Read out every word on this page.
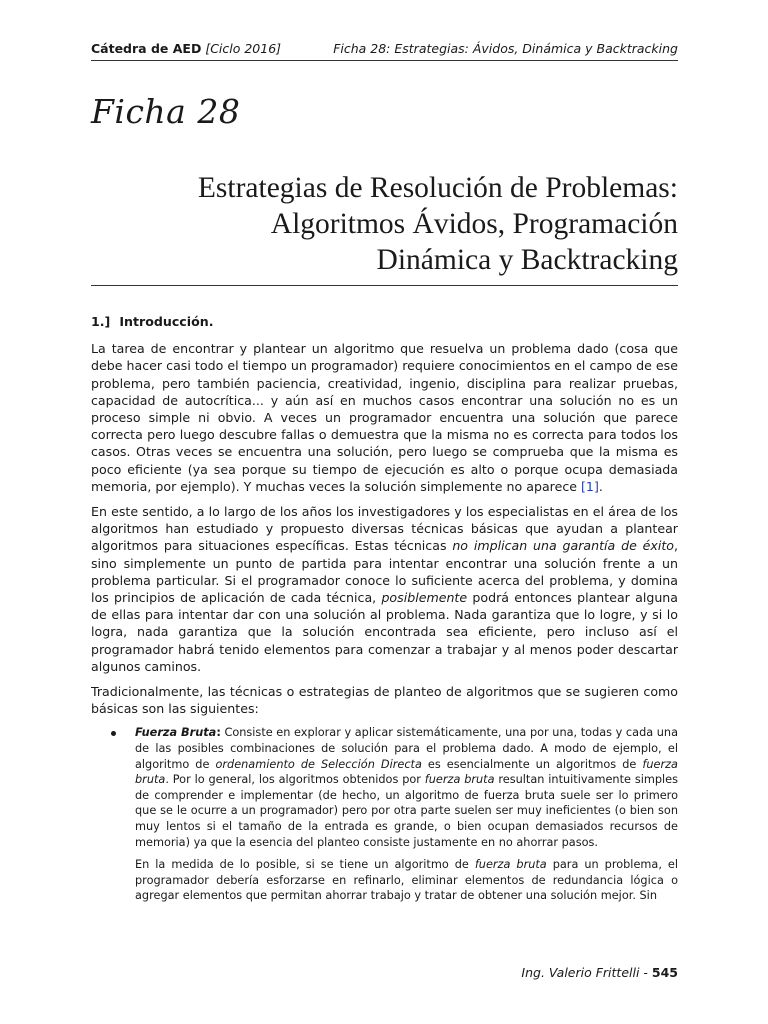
Cátedra de AED [Ciclo 2016]	Ficha 28: Estrategias: Ávidos, Dinámica y Backtracking
Ficha 28
Estrategias de Resolución de Problemas:
Algoritmos Ávidos, Programación
Dinámica y Backtracking
1.] Introducción.

La tarea de encontrar y plantear un algoritmo que resuelva un problema dado (cosa que debe hacer casi todo el tiempo un programador) requiere conocimientos en el campo de ese problema, pero también paciencia, creatividad, ingenio, disciplina para realizar pruebas, capacidad de autocrítica... y aún así en muchos casos encontrar una solución no es un proceso simple ni obvio. A veces un programador encuentra una solución que parece correcta pero luego descubre fallas o demuestra que la misma no es correcta para todos los casos. Otras veces se encuentra una solución, pero luego se comprueba que la misma es poco eficiente (ya sea porque su tiempo de ejecución es alto o porque ocupa demasiada memoria, por ejemplo). Y muchas veces la solución simplemente no aparece [1].

En este sentido, a lo largo de los años los investigadores y los especialistas en el área de los algoritmos han estudiado y propuesto diversas técnicas básicas que ayudan a plantear algoritmos para situaciones específicas. Estas técnicas no implican una garantía de éxito, sino simplemente un punto de partida para intentar encontrar una solución frente a un problema particular. Si el programador conoce lo suficiente acerca del problema, y domina los principios de aplicación de cada técnica, posiblemente podrá entonces plantear alguna de ellas para intentar dar con una solución al problema. Nada garantiza que lo logre, y si lo logra, nada garantiza que la solución encontrada sea eficiente, pero incluso así el programador habrá tenido elementos para comenzar a trabajar y al menos poder descartar algunos caminos.

Tradicionalmente, las técnicas o estrategias de planteo de algoritmos que se sugieren como básicas son las siguientes:

Fuerza Bruta: Consiste en explorar y aplicar sistemáticamente, una por una, todas y cada una de las posibles combinaciones de solución para el problema dado. A modo de ejemplo, el algoritmo de ordenamiento de Selección Directa es esencialmente un algoritmos de fuerza bruta. Por lo general, los algoritmos obtenidos por fuerza bruta resultan intuitivamente simples de comprender e implementar (de hecho, un algoritmo de fuerza bruta suele ser lo primero que se le ocurre a un programador) pero por otra parte suelen ser muy ineficientes (o bien son muy lentos si el tamaño de la entrada es grande, o bien ocupan demasiados recursos de memoria) ya que la esencia del planteo consiste justamente en no ahorrar pasos.

En la medida de lo posible, si se tiene un algoritmo de fuerza bruta para un problema, el programador debería esforzarse en refinarlo, eliminar elementos de redundancia lógica o agregar elementos que permitan ahorrar trabajo y tratar de obtener una solución mejor. Sin

Ing. Valerio Frittelli - 545
